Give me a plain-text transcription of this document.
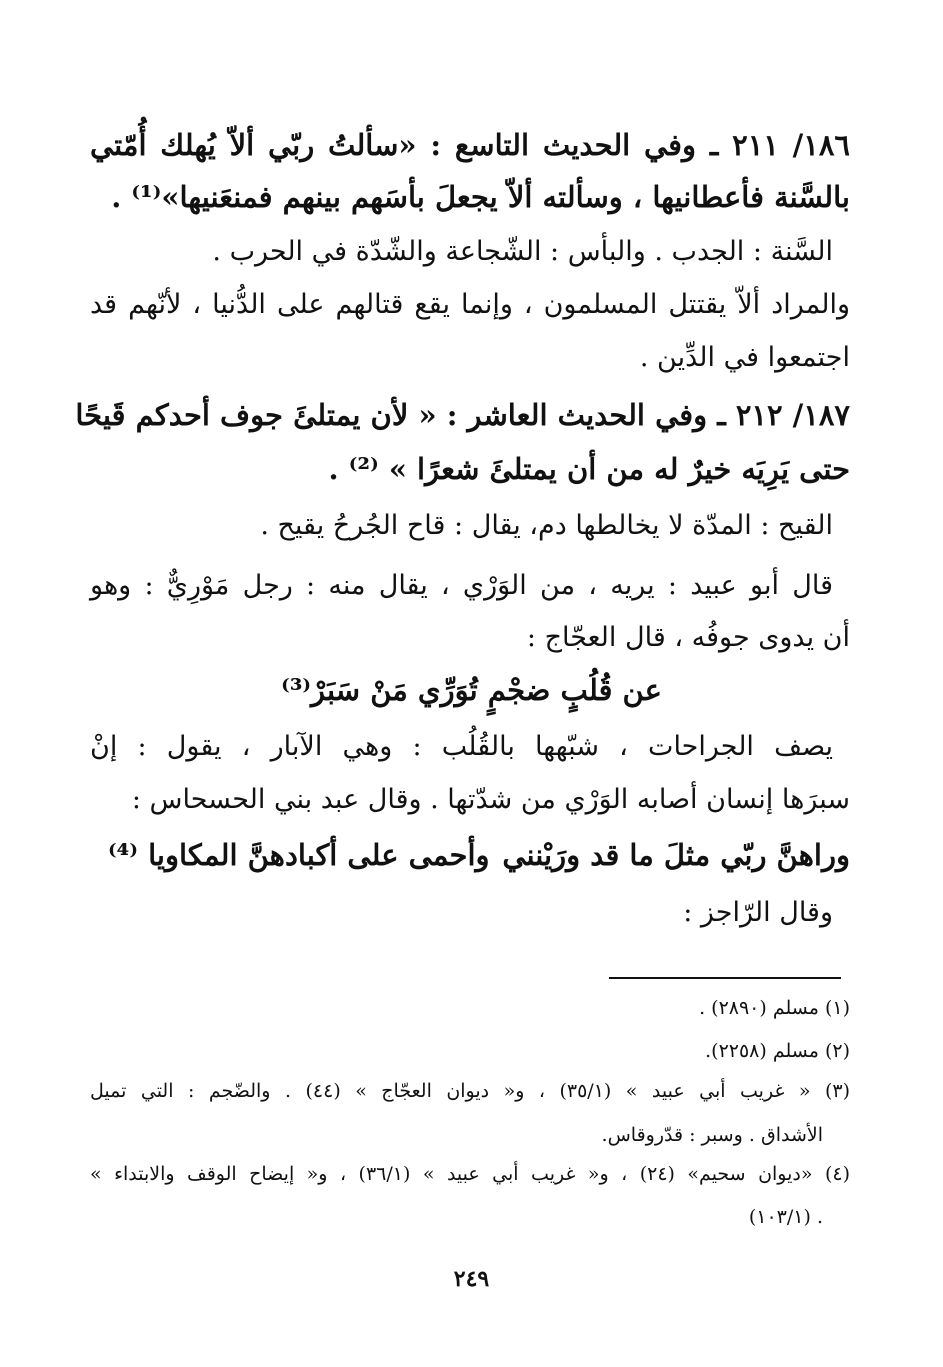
١٨٦/ ٢١١ ـ وفي الحديث التاسع : «سألتُ ربّي ألاّ يُهلك أُمّتي
بالسَّنة فأعطانيها ، وسألته ألاّ يجعلَ بأسَهم بينهم فمنعَنيها»⁽¹⁾ .
السَّنة : الجدب . والبأس : الشّجاعة والشّدّة في الحرب .
والمراد ألاّ يقتتل المسلمون ، وإنما يقع قتالهم على الدُّنيا ، لأنّهم قد
اجتمعوا في الدِّين .
١٨٧/ ٢١٢ ـ وفي الحديث العاشر : « لأن يمتلئَ جوف أحدكم قَيحًا
حتى يَرِيَه خيرٌ له من أن يمتلئَ شعرًا » ⁽²⁾ .
القيح : المدّة لا يخالطها دم، يقال : قاح الجُرحُ يقيح .
قال أبو عبيد : يريه ، من الوَرْي ، يقال منه : رجل مَوْرِيٌّ : وهو
أن يدوى جوفُه ، قال العجّاج :
عن قُلُبٍ ضجْمٍ تُوَرِّي مَنْ سَبَرْ⁽³⁾
يصف الجراحات ، شبّهها بالقُلُب : وهي الآبار ، يقول : إنْ
سبرَها إنسان أصابه الوَرْي من شدّتها . وقال عبد بني الحسحاس :
وراهنَّ ربّي مثلَ ما قد ورَيْنني
وأحمى على أكبادهنَّ المكاويا ⁽⁴⁾
وقال الرّاجز :
(١) مسلم (٢٨٩٠) .
(٢) مسلم (٢٢٥٨).
(٣) « غريب أبي عبيد » (٣٥/١) ، و« ديوان العجّاج » (٤٤) . والضّجم : التي تميل
الأشداق . وسبر : قدّروقاس.
(٤) «ديوان سحيم» (٢٤) ، و« غريب أبي عبيد » (٣٦/١) ، و« إيضاح الوقف والابتداء »
(١٠٣/١) .
٢٤٩
